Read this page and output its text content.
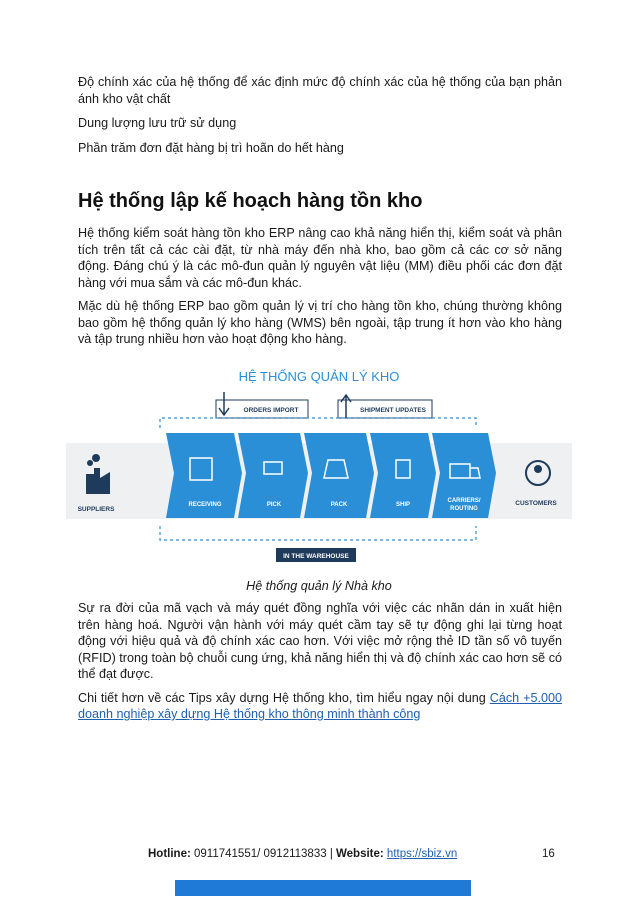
Độ chính xác của hệ thống để xác định mức độ chính xác của hệ thống của bạn phản ánh kho vật chất

Dung lượng lưu trữ sử dụng

Phần trăm đơn đặt hàng bị trì hoãn do hết hàng

Hệ thống lập kế hoạch hàng tồn kho

Hệ thống kiểm soát hàng tồn kho ERP nâng cao khả năng hiển thị, kiểm soát và phân tích trên tất cả các cài đặt, từ nhà máy đến nhà kho, bao gồm cả các cơ sở năng động. Đáng chú ý là các mô-đun quản lý nguyên vật liệu (MM) điều phối các đơn đặt hàng với mua sắm và các mô-đun khác.

Mặc dù hệ thống ERP bao gồm quản lý vị trí cho hàng tồn kho, chúng thường không bao gồm hệ thống quản lý kho hàng (WMS) bên ngoài, tập trung ít hơn vào kho hàng và tập trung nhiều hơn vào hoạt động kho hàng.

HỆ THỐNG QUẢN LÝ KHO
ORDERS IMPORT	SHIPMENT UPDATES
SUPPLIERS
RECEIVING	PICK	PACK	SHIP
CARRIERS/
ROUTING
CUSTOMERS
IN THE WAREHOUSE
Hệ thống quản lý Nhà kho

Sự ra đời của mã vạch và máy quét đồng nghĩa với việc các nhãn dán in xuất hiện trên hàng hoá. Người vận hành với máy quét cầm tay sẽ tự động ghi lại từng hoạt động với hiệu quả và độ chính xác cao hơn. Với việc mở rộng thẻ ID tần số vô tuyến (RFID) trong toàn bộ chuỗi cung ứng, khả năng hiển thị và độ chính xác cao hơn sẽ có thể đạt được.

Chi tiết hơn về các Tips xây dựng Hệ thống kho, tìm hiểu ngay nội dung Cách +5.000 doanh nghiệp xây dựng Hệ thống kho thông minh thành công

Hotline: 0911741551/ 0912113833 | Website: https://sbiz.vn	16
